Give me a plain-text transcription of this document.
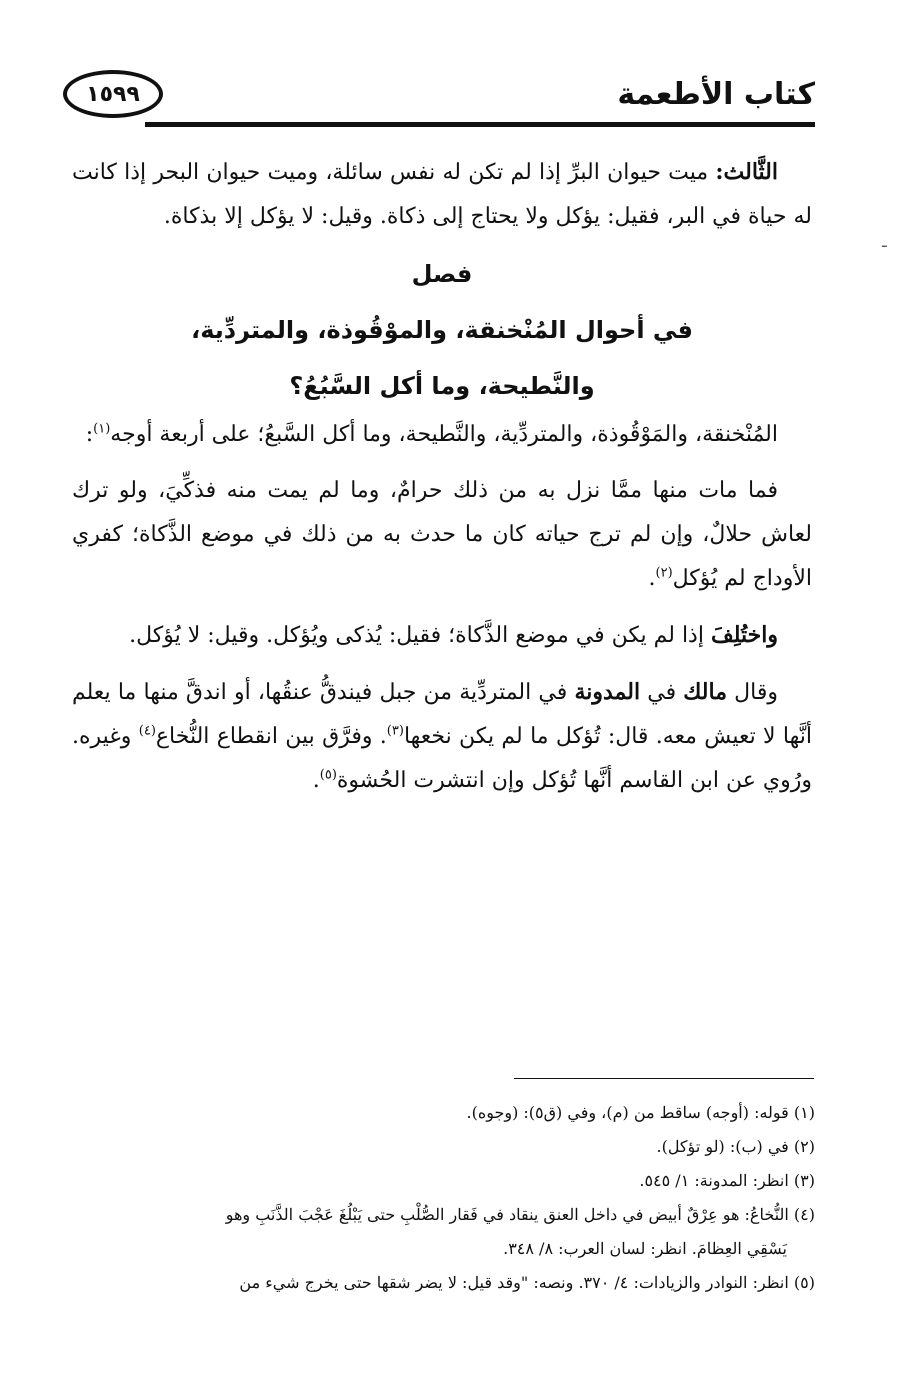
كتاب الأطعمة
١٥٩٩
ـ

الثَّالث: ميت حيوان البرِّ إذا لم تكن له نفس سائلة، وميت حيوان البحر إذا كانت له حياة في البر، فقيل: يؤكل ولا يحتاج إلى ذكاة. وقيل: لا يؤكل إلا بذكاة.

فصل
في أحوال المُنْخنقة، والموْقُوذة، والمتردِّية،
والنَّطيحة، وما أكل السَّبُعُ؟

المُنْخنقة، والمَوْقُوذة، والمتردِّية، والنَّطيحة، وما أكل السَّبعُ؛ على أربعة أوجه$^{(١)}$:

فما مات منها ممَّا نزل به من ذلك حرامٌ، وما لم يمت منه فذكِّيَ، ولو ترك لعاش حلالٌ، وإن لم ترج حياته كان ما حدث به من ذلك في موضع الذَّكاة؛ كفري الأوداج لم يُؤكل$^{(٢)}$.

واختُلِفَ إذا لم يكن في موضع الذَّكاة؛ فقيل: يُذكى ويُؤكل. وقيل: لا يُؤكل.

وقال مالك في المدونة في المتردِّية من جبل فيندقُّ عنقُها، أو اندقَّ منها ما يعلم أنَّها لا تعيش معه. قال: تُؤكل ما لم يكن نخعها$^{(٣)}$. وفرَّق بين انقطاع النُّخاع$^{(٤)}$ وغيره. ورُوي عن ابن القاسم أنَّها تُؤكل وإن انتشرت الحُشوة$^{(٥)}$.

(١) قوله: (أوجه) ساقط من (م)، وفي (ق٥): (وجوه).

(٢) في (ب): (لو تؤكل).

(٣) انظر: المدونة: ١/ ٥٤٥.

(٤) النُّخاعُ: هو عِرْقٌ أبيض في داخل العنق ينقاد في فَقار الصُّلْبِ حتى يَبْلُغَ عَجْبَ الذَّنَبِ وهو

يَسْقِي العِظامَ. انظر: لسان العرب: ٨/ ٣٤٨.

(٥) انظر: النوادر والزيادات: ٤/ ٣٧٠. ونصه: "وقد قيل: لا يضر شقها حتى يخرج شيء من
